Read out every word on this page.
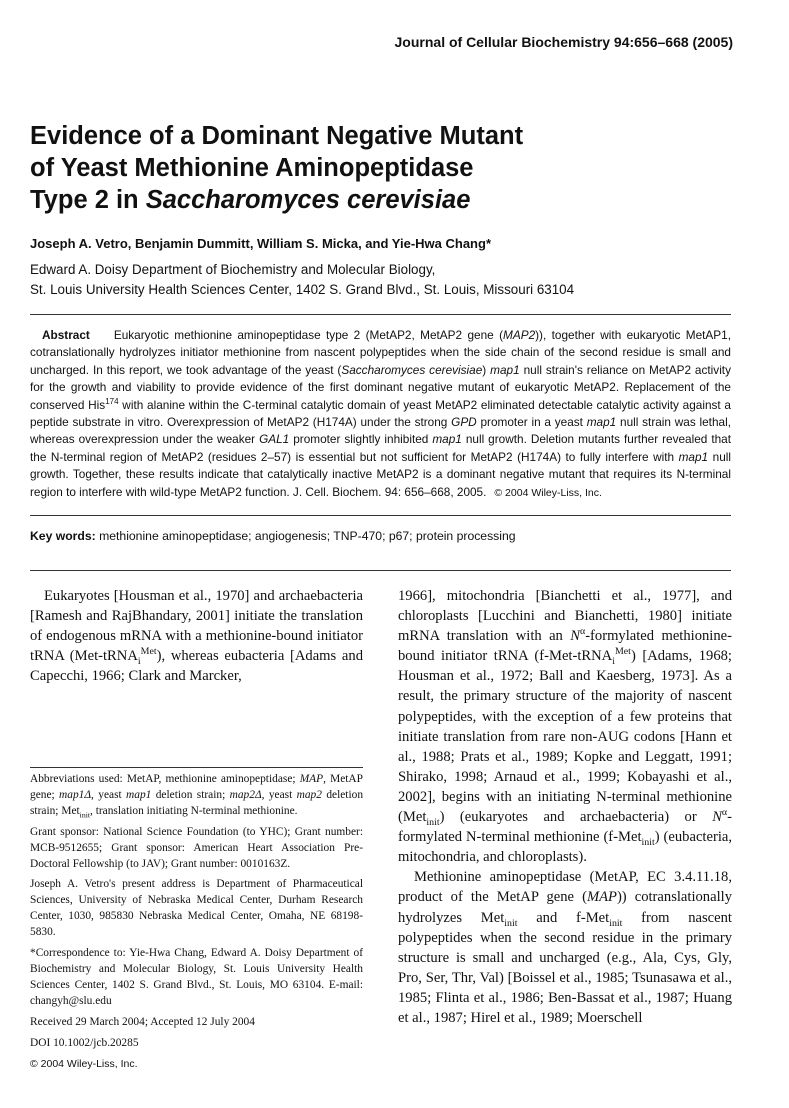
Journal of Cellular Biochemistry 94:656–668 (2005)
Evidence of a Dominant Negative Mutant
of Yeast Methionine Aminopeptidase
Type 2 in Saccharomyces cerevisiae
Joseph A. Vetro, Benjamin Dummitt, William S. Micka, and Yie-Hwa Chang*
Edward A. Doisy Department of Biochemistry and Molecular Biology,
St. Louis University Health Sciences Center, 1402 S. Grand Blvd., St. Louis, Missouri 63104

Abstract Eukaryotic methionine aminopeptidase type 2 (MetAP2, MetAP2 gene (MAP2)), together with eukaryotic MetAP1, cotranslationally hydrolyzes initiator methionine from nascent polypeptides when the side chain of the second residue is small and uncharged. In this report, we took advantage of the yeast (Saccharomyces cerevisiae) map1 null strain's reliance on MetAP2 activity for the growth and viability to provide evidence of the first dominant negative mutant of eukaryotic MetAP2. Replacement of the conserved His$^{174}$ with alanine within the C-terminal catalytic domain of yeast MetAP2 eliminated detectable catalytic activity against a peptide substrate in vitro. Overexpression of MetAP2 (H174A) under the strong GPD promoter in a yeast map1 null strain was lethal, whereas overexpression under the weaker GAL1 promoter slightly inhibited map1 null growth. Deletion mutants further revealed that the N-terminal region of MetAP2 (residues 2–57) is essential but not sufficient for MetAP2 (H174A) to fully interfere with map1 null growth. Together, these results indicate that catalytically inactive MetAP2 is a dominant negative mutant that requires its N-terminal region to interfere with wild-type MetAP2 function. J. Cell. Biochem. 94: 656–668, 2005. © 2004 Wiley-Liss, Inc.

Key words: methionine aminopeptidase; angiogenesis; TNP-470; p67; protein processing

Eukaryotes [Housman et al., 1970] and archaebacteria [Ramesh and RajBhandary, 2001] initiate the translation of endogenous mRNA with a methionine-bound initiator tRNA (Met-tRNA$_i^{Met}$), whereas eubacteria [Adams and Capecchi, 1966; Clark and Marcker,

Abbreviations used: MetAP, methionine aminopeptidase; MAP, MetAP gene; map1Δ, yeast map1 deletion strain; map2Δ, yeast map2 deletion strain; Met$_{init}$, translation initiating N-terminal methionine.

Grant sponsor: National Science Foundation (to YHC); Grant number: MCB-9512655; Grant sponsor: American Heart Association Pre-Doctoral Fellowship (to JAV); Grant number: 0010163Z.

Joseph A. Vetro's present address is Department of Pharmaceutical Sciences, University of Nebraska Medical Center, Durham Research Center, 1030, 985830 Nebraska Medical Center, Omaha, NE 68198-5830.

*Correspondence to: Yie-Hwa Chang, Edward A. Doisy Department of Biochemistry and Molecular Biology, St. Louis University Health Sciences Center, 1402 S. Grand Blvd., St. Louis, MO 63104. E-mail: changyh@slu.edu

Received 29 March 2004; Accepted 12 July 2004

DOI 10.1002/jcb.20285

© 2004 Wiley-Liss, Inc.

1966], mitochondria [Bianchetti et al., 1977], and chloroplasts [Lucchini and Bianchetti, 1980] initiate mRNA translation with an $N^\alpha$-formylated methionine-bound initiator tRNA (f-Met-tRNA$_i^{Met}$) [Adams, 1968; Housman et al., 1972; Ball and Kaesberg, 1973]. As a result, the primary structure of the majority of nascent polypeptides, with the exception of a few proteins that initiate translation from rare non-AUG codons [Hann et al., 1988; Prats et al., 1989; Kopke and Leggatt, 1991; Shirako, 1998; Arnaud et al., 1999; Kobayashi et al., 2002], begins with an initiating N-terminal methionine (Met$_{init}$) (eukaryotes and archaebacteria) or $N^\alpha$-formylated N-terminal methionine (f-Met$_{init}$) (eubacteria, mitochondria, and chloroplasts).

Methionine aminopeptidase (MetAP, EC 3.4.11.18, product of the MetAP gene (MAP)) cotranslationally hydrolyzes Met$_{init}$ and f-Met$_{init}$ from nascent polypeptides when the second residue in the primary structure is small and uncharged (e.g., Ala, Cys, Gly, Pro, Ser, Thr, Val) [Boissel et al., 1985; Tsunasawa et al., 1985; Flinta et al., 1986; Ben-Bassat et al., 1987; Huang et al., 1987; Hirel et al., 1989; Moerschell
